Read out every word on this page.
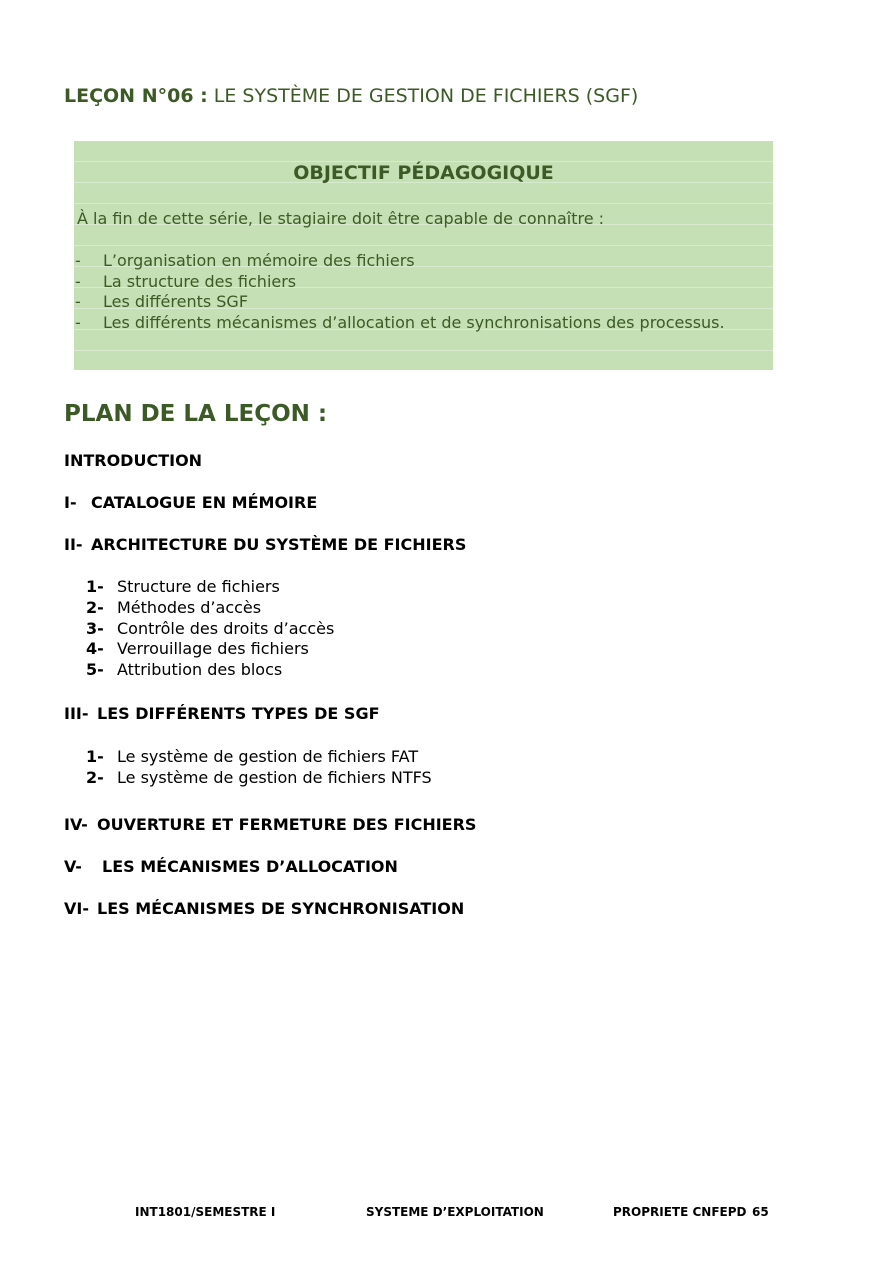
LEÇON N°06 : LE SYSTÈME DE GESTION DE FICHIERS (SGF)
OBJECTIF PÉDAGOGIQUE
À la fin de cette série, le stagiaire doit être capable de connaître :
- L’organisation en mémoire des fichiers
- La structure des fichiers
- Les différents SGF
- Les différents mécanismes d’allocation et de synchronisations des processus.
PLAN DE LA LEÇON :
INTRODUCTION
I- CATALOGUE EN MÉMOIRE
II- ARCHITECTURE DU SYSTÈME DE FICHIERS
1- Structure de fichiers
2- Méthodes d’accès
3- Contrôle des droits d’accès
4- Verrouillage des fichiers
5- Attribution des blocs
III- LES DIFFÉRENTS TYPES DE SGF
1- Le système de gestion de fichiers FAT
2- Le système de gestion de fichiers NTFS
IV- OUVERTURE ET FERMETURE DES FICHIERS
V- LES MÉCANISMES D’ALLOCATION
VI- LES MÉCANISMES DE SYNCHRONISATION
INT1801/SEMESTRE I	SYSTEME D’EXPLOITATION	PROPRIETE CNFEPD 65
